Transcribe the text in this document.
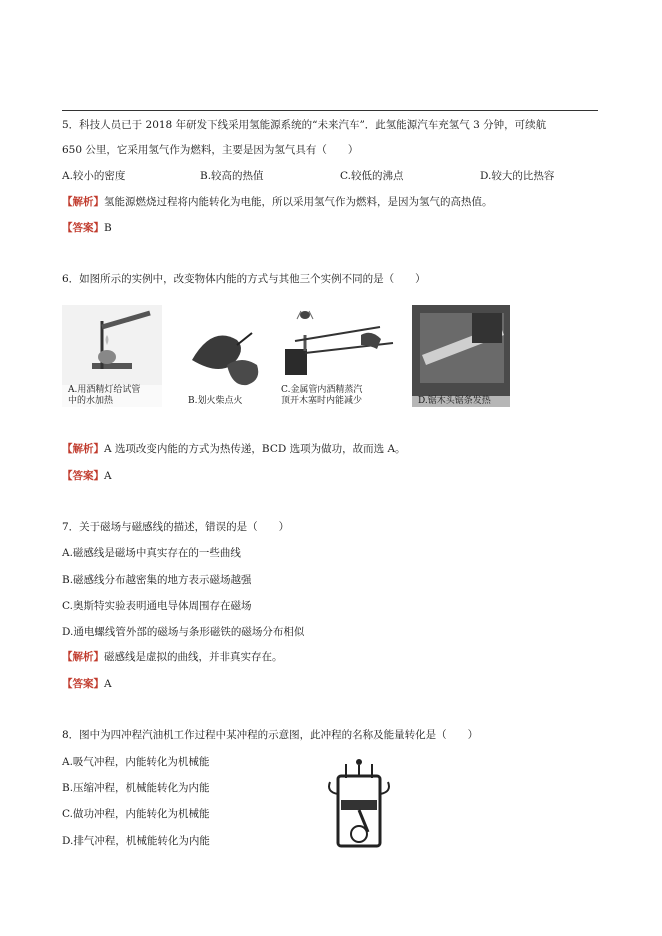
5．科技人员已于 2018 年研发下线采用氢能源系统的“未来汽车”．此氢能源汽车充氢气 3 分钟，可续航
650 公里，它采用氢气作为燃料，主要是因为氢气具有（　　）
A.较小的密度	B.较高的热值	C.较低的沸点	D.较大的比热容
【解析】氢能源燃烧过程将内能转化为电能，所以采用氢气作为燃料，是因为氢气的高热值。
【答案】B
6．如图所示的实例中，改变物体内能的方式与其他三个实例不同的是（　　）
A.用酒精灯给试管
中的水加热	B.划火柴点火
C.金属管内酒精蒸汽
顶开木塞时内能减少	D.锯木头锯条发热
【解析】A 选项改变内能的方式为热传递，BCD 选项为做功，故而选 A。
【答案】A
7．关于磁场与磁感线的描述，错误的是（　　）
A.磁感线是磁场中真实存在的一些曲线
B.磁感线分布越密集的地方表示磁场越强
C.奥斯特实验表明通电导体周围存在磁场
D.通电螺线管外部的磁场与条形磁铁的磁场分布相似
【解析】磁感线是虚拟的曲线，并非真实存在。
【答案】A
8．图中为四冲程汽油机工作过程中某冲程的示意图，此冲程的名称及能量转化是（　　）
A.吸气冲程，内能转化为机械能
B.压缩冲程，机械能转化为内能
C.做功冲程，内能转化为机械能
D.排气冲程，机械能转化为内能
